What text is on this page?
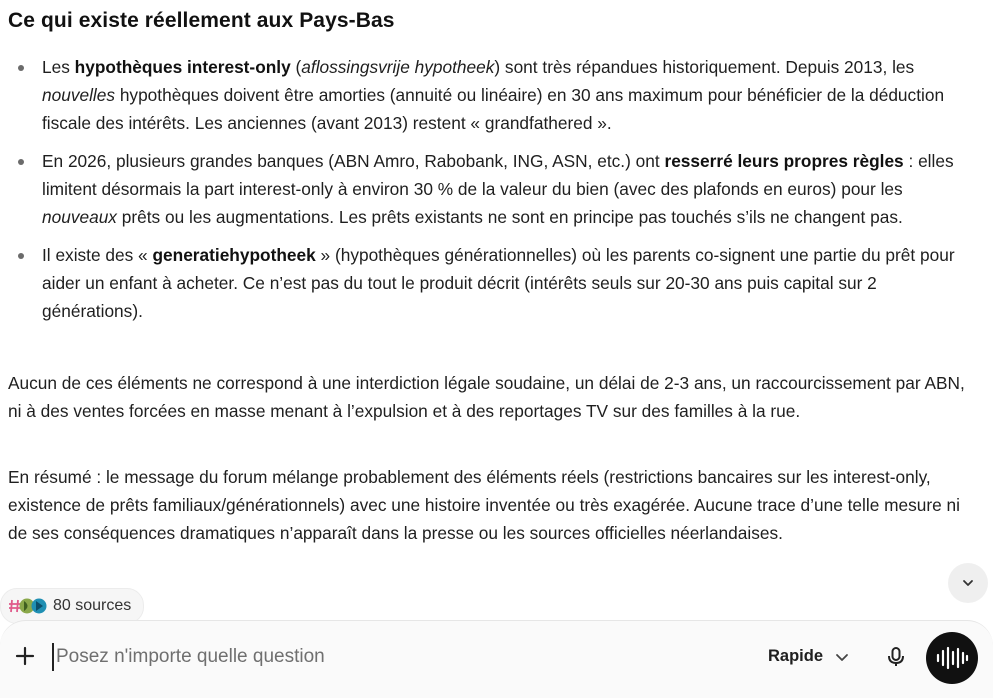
Ce qui existe réellement aux Pays-Bas
Les hypothèques interest-only (aflossingsvrije hypotheek) sont très répandues historiquement. Depuis 2013, les nouvelles hypothèques doivent être amorties (annuité ou linéaire) en 30 ans maximum pour bénéficier de la déduction fiscale des intérêts. Les anciennes (avant 2013) restent « grandfathered ».
En 2026, plusieurs grandes banques (ABN Amro, Rabobank, ING, ASN, etc.) ont resserré leurs propres règles : elles limitent désormais la part interest-only à environ 30 % de la valeur du bien (avec des plafonds en euros) pour les nouveaux prêts ou les augmentations. Les prêts existants ne sont en principe pas touchés s’ils ne changent pas.
Il existe des « generatiehypotheek » (hypothèques générationnelles) où les parents co-signent une partie du prêt pour aider un enfant à acheter. Ce n’est pas du tout le produit décrit (intérêts seuls sur 20-30 ans puis capital sur 2 générations).

Aucun de ces éléments ne correspond à une interdiction légale soudaine, un délai de 2-3 ans, un raccourcissement par ABN, ni à des ventes forcées en masse menant à l’expulsion et à des reportages TV sur des familles à la rue.

En résumé : le message du forum mélange probablement des éléments réels (restrictions bancaires sur les interest-only, existence de prêts familiaux/générationnels) avec une histoire inventée ou très exagérée. Aucune trace d’une telle mesure ni de ses conséquences dramatiques n’apparaît dans la presse ou les sources officielles néerlandaises.

80 sources
Posez n'importe quelle question
Rapide
